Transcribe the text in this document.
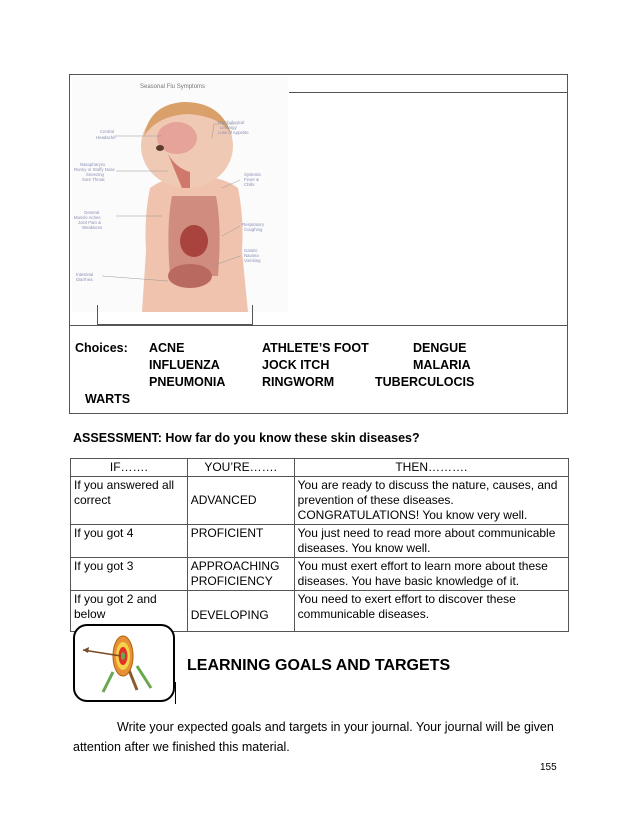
Seasonal Flu Symptoms
Central
Headache
Psychological
Lethargy
Loss of Appetite
Nasopharynx
Runny or Stuffy Nose
Sneezing
Sore Throat
Systemic
Fever &
Chills
General
Muscle Aches
Joint Pain &
Weakness
Respiratory
Coughing
Gastric
Nausea
Vomiting
Intestinal
Diarrhea
Choices: ACNE	ATHLETE’S FOOT	DENGUE
INFLUENZA	JOCK ITCH	MALARIA
PNEUMONIA	RINGWORM	TUBERCULOCIS
WARTS
ASSESSMENT: How far do you know these skin diseases?
IF…….	YOU’RE…….	THEN……….
If you answered all correct	ADVANCED	You are ready to discuss the nature, causes, and prevention of these diseases. CONGRATULATIONS! You know very well.
If you got 4	PROFICIENT	You just need to read more about communicable diseases. You know well.
If you got 3	APPROACHING PROFICIENCY	You must exert effort to learn more about these diseases. You have basic knowledge of it.
If you got 2 and below	DEVELOPING	You need to exert effort to discover these communicable diseases.
LEARNING GOALS AND TARGETS
Write your expected goals and targets in your journal. Your journal will be given attention after we finished this material.
155
